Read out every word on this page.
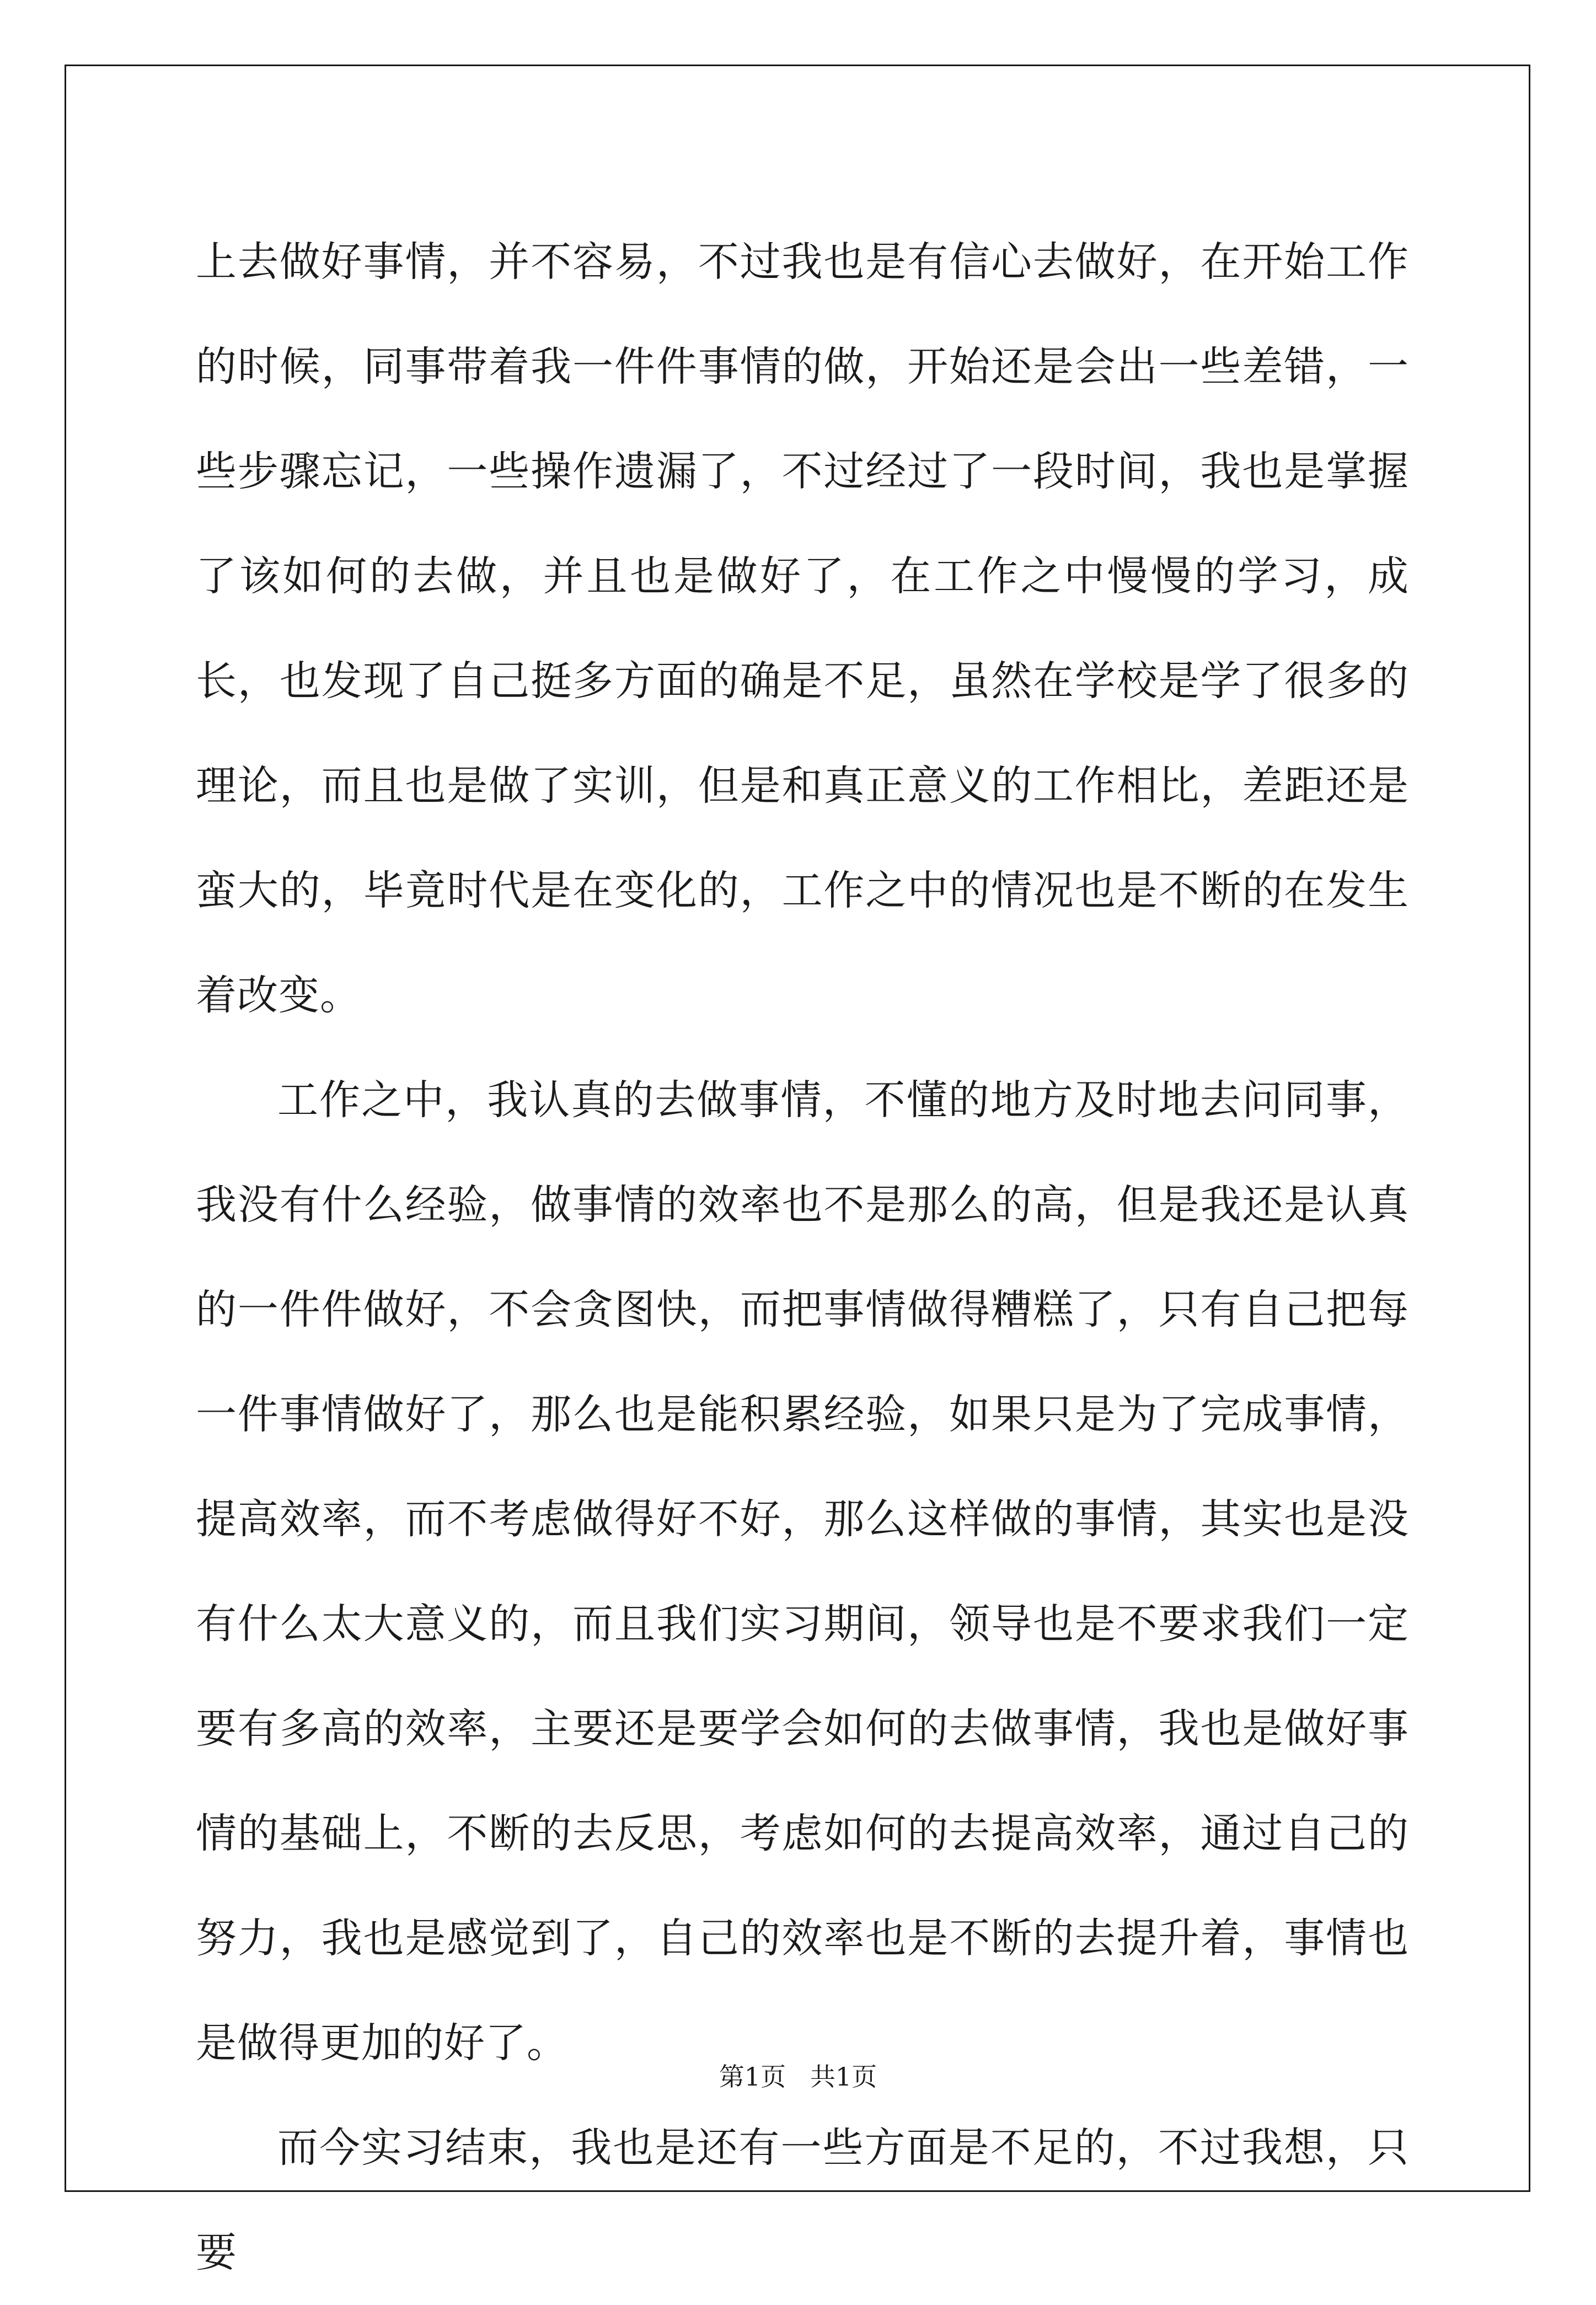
上去做好事情，并不容易，不过我也是有信心去做好，在开始工作的时候，同事带着我一件件事情的做，开始还是会出一些差错，一些步骤忘记，一些操作遗漏了，不过经过了一段时间，我也是掌握了该如何的去做，并且也是做好了，在工作之中慢慢的学习，成长，也发现了自己挺多方面的确是不足，虽然在学校是学了很多的理论，而且也是做了实训，但是和真正意义的工作相比，差距还是蛮大的，毕竟时代是在变化的，工作之中的情况也是不断的在发生着改变。

工作之中，我认真的去做事情，不懂的地方及时地去问同事，我没有什么经验，做事情的效率也不是那么的高，但是我还是认真的一件件做好，不会贪图快，而把事情做得糟糕了，只有自己把每一件事情做好了，那么也是能积累经验，如果只是为了完成事情，提高效率，而不考虑做得好不好，那么这样做的事情，其实也是没有什么太大意义的，而且我们实习期间，领导也是不要求我们一定要有多高的效率，主要还是要学会如何的去做事情，我也是做好事情的基础上，不断的去反思，考虑如何的去提高效率，通过自己的努力，我也是感觉到了，自己的效率也是不断的去提升着，事情也是做得更加的好了。

而今实习结束，我也是还有一些方面是不足的，不过我想，只要

第1页   共1页
